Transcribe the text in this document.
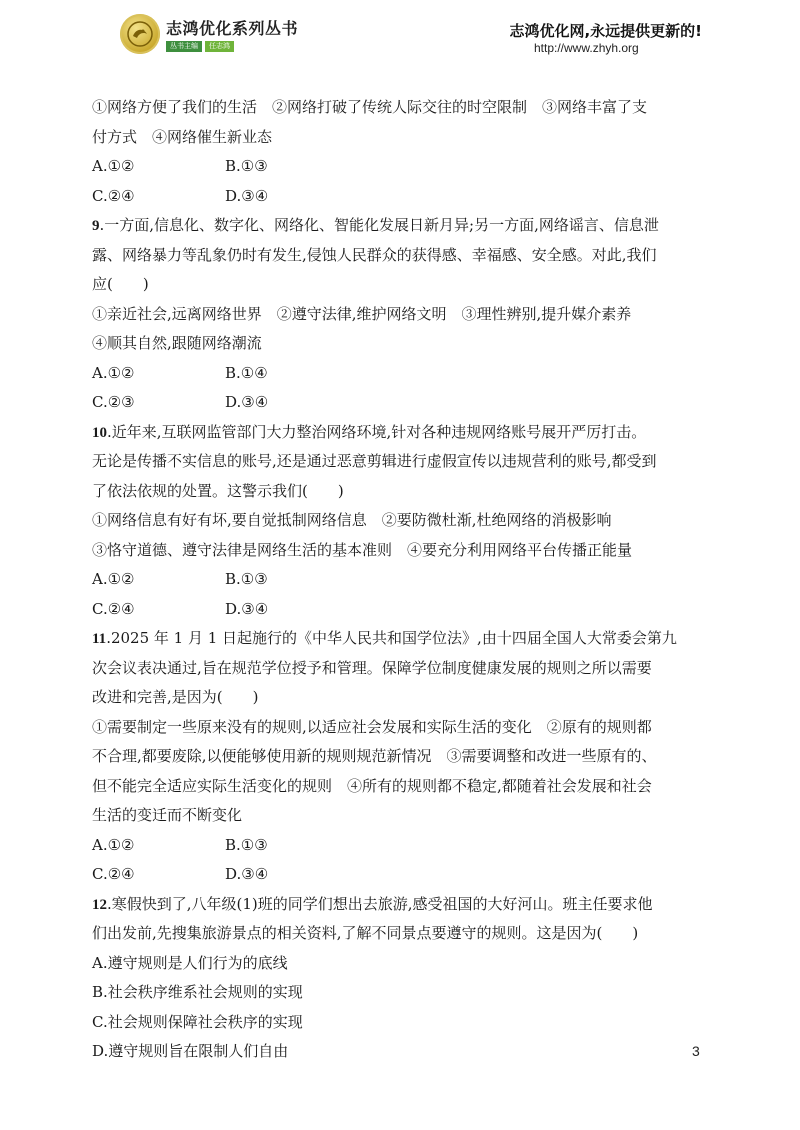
志鸿优化系列丛书
丛书主编	任志鸿
志鸿优化网,永远提供更新的!
http://www.zhyh.org
①网络方便了我们的生活　②网络打破了传统人际交往的时空限制　③网络丰富了支
付方式　④网络催生新业态
A.①②	B.①③
C.②④	D.③④
9.一方面,信息化、数字化、网络化、智能化发展日新月异;另一方面,网络谣言、信息泄
露、网络暴力等乱象仍时有发生,侵蚀人民群众的获得感、幸福感、安全感。对此,我们
应(　　)
①亲近社会,远离网络世界　②遵守法律,维护网络文明　③理性辨别,提升媒介素养
④顺其自然,跟随网络潮流
A.①②	B.①④
C.②③	D.③④
10.近年来,互联网监管部门大力整治网络环境,针对各种违规网络账号展开严厉打击。
无论是传播不实信息的账号,还是通过恶意剪辑进行虚假宣传以违规营利的账号,都受到
了依法依规的处置。这警示我们(　　)
①网络信息有好有坏,要自觉抵制网络信息　②要防微杜渐,杜绝网络的消极影响
③恪守道德、遵守法律是网络生活的基本准则　④要充分利用网络平台传播正能量
A.①②	B.①③
C.②④	D.③④
11.2025 年 1 月 1 日起施行的《中华人民共和国学位法》,由十四届全国人大常委会第九
次会议表决通过,旨在规范学位授予和管理。保障学位制度健康发展的规则之所以需要
改进和完善,是因为(　　)
①需要制定一些原来没有的规则,以适应社会发展和实际生活的变化　②原有的规则都
不合理,都要废除,以便能够使用新的规则规范新情况　③需要调整和改进一些原有的、
但不能完全适应实际生活变化的规则　④所有的规则都不稳定,都随着社会发展和社会
生活的变迁而不断变化
A.①②	B.①③
C.②④	D.③④
12.寒假快到了,八年级(1)班的同学们想出去旅游,感受祖国的大好河山。班主任要求他
们出发前,先搜集旅游景点的相关资料,了解不同景点要遵守的规则。这是因为(　　)
A.遵守规则是人们行为的底线
B.社会秩序维系社会规则的实现
C.社会规则保障社会秩序的实现
D.遵守规则旨在限制人们自由	3
